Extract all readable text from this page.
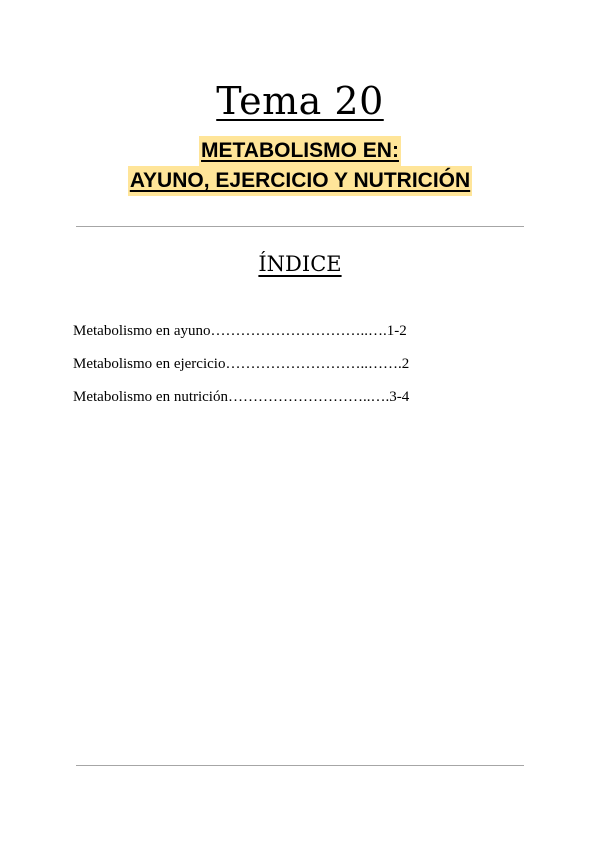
Tema 20
METABOLISMO EN:
AYUNO, EJERCICIO Y NUTRICIÓN
ÍNDICE
Metabolismo en ayuno…………………………..….1-2
Metabolismo en ejercicio………………………..…….2
Metabolismo en nutrición………………………..….3-4
